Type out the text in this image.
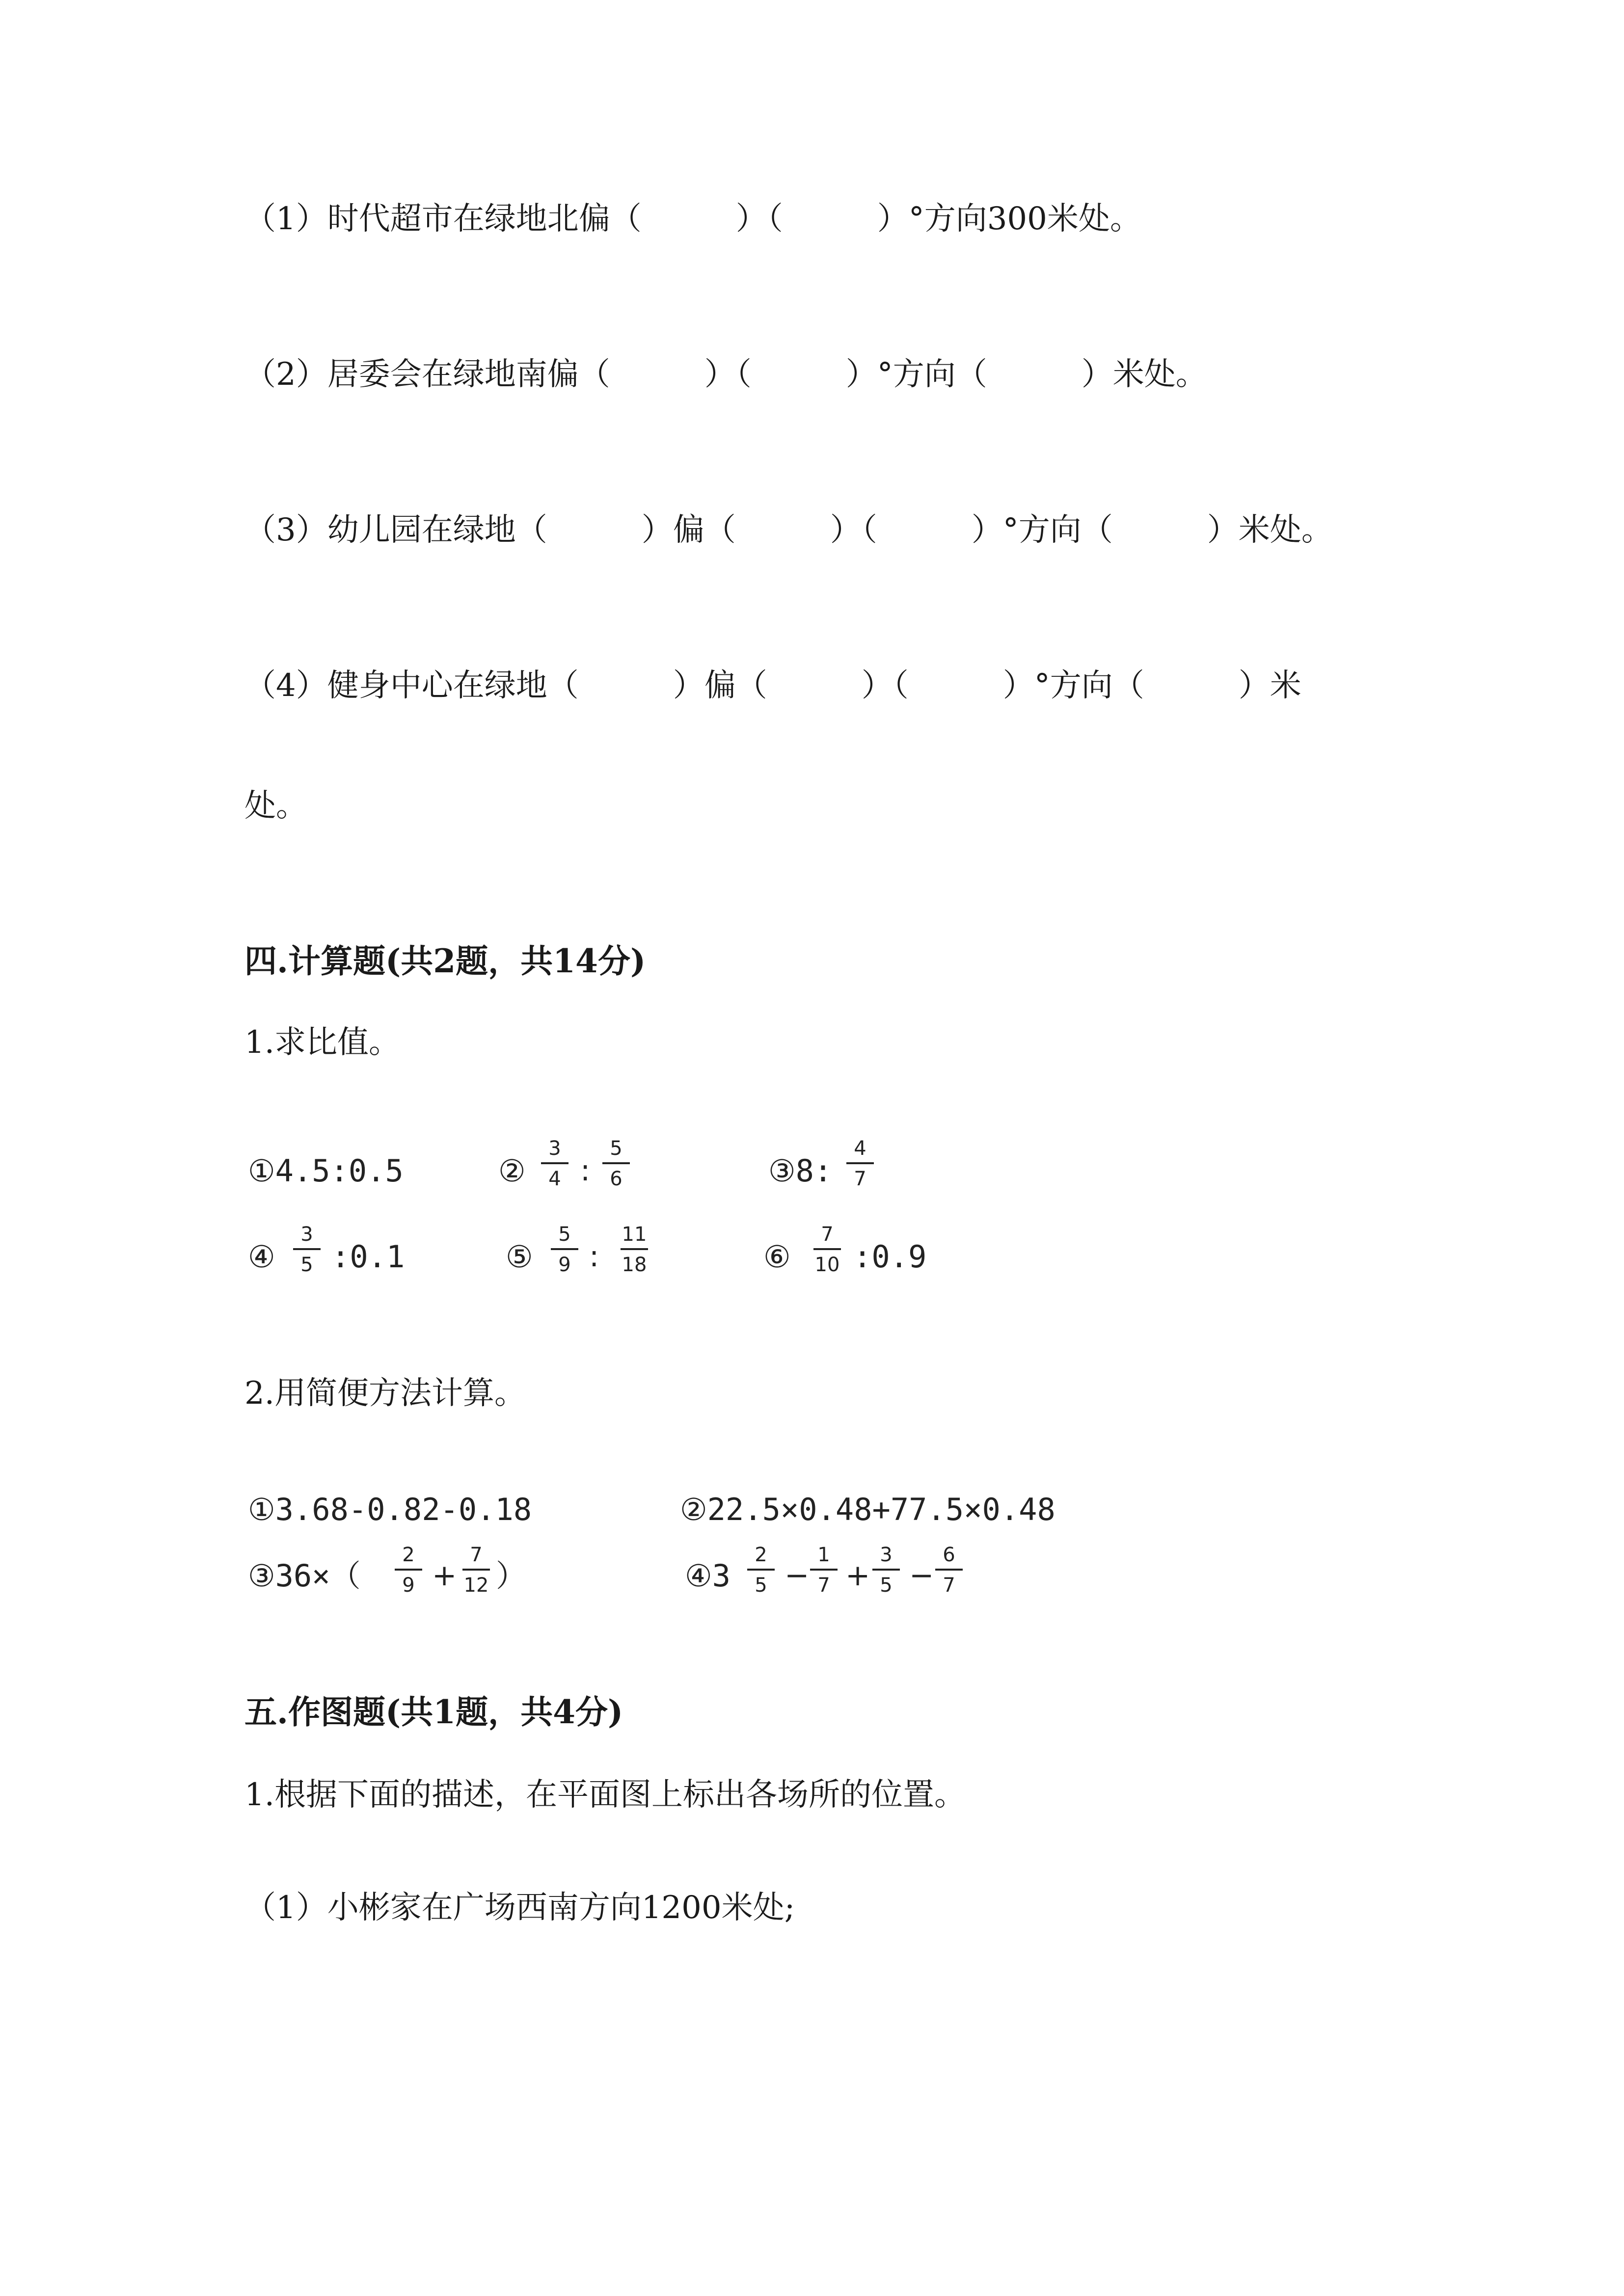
（1）时代超市在绿地北偏（　　　）（　　　）°方向300米处。
（2）居委会在绿地南偏（　　　）（　　　）°方向（　　　）米处。
（3）幼儿园在绿地（　　　）偏（　　　）（　　　）°方向（　　　）米处。
（4）健身中心在绿地（　　　）偏（　　　）（　　　）°方向（　　　）米
处。
四.计算题(共2题，共14分)
1.求比值。
①4.5:0.5	②
3
4 :
5
6	③8:
4
7
④
3
5 :0.1	⑤
5
9 :
11
18	⑥
7
10 :0.9
2.用简便方法计算。
①3.68-0.82-0.18	②22.5×0.48+77.5×0.48
③36×（
2
9 +
7
12 ）	④3
2
5 −
1
7 +
3
5 −
6
7
五.作图题(共1题，共4分)
1.根据下面的描述，在平面图上标出各场所的位置。
（1）小彬家在广场西南方向1200米处;
